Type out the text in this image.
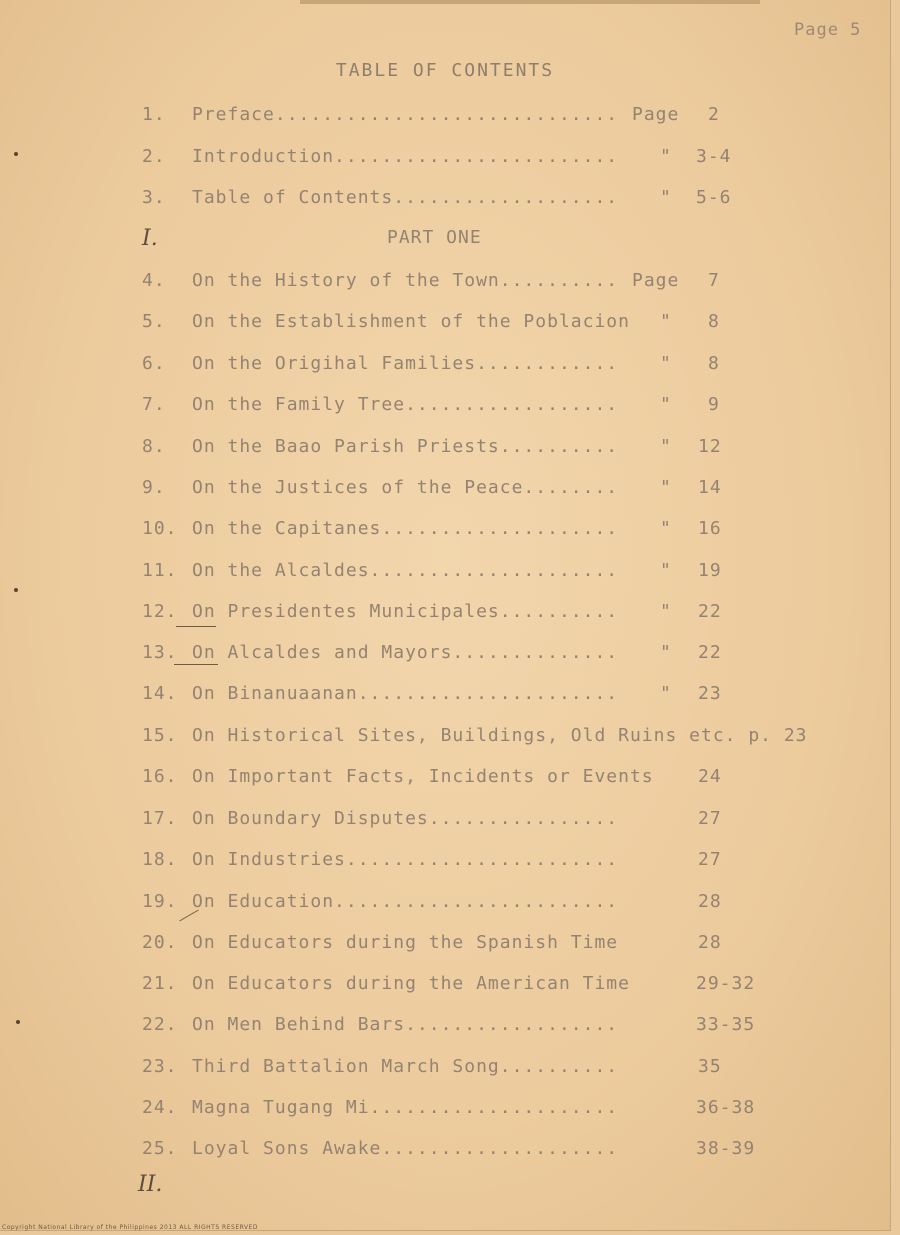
Page 5

TABLE OF CONTENTS
PART ONE
I.
II.
1. Preface............................. Page 2
2. Introduction........................ " 3-4
3. Table of Contents................... " 5-6
4. On the History of the Town.......... Page 7
5. On the Establishment of the Poblacion " 8
6. On the Origihal Families............ " 8
7. On the Family Tree.................. " 9
8. On the Baao Parish Priests.......... " 12
9. On the Justices of the Peace........ " 14
10. On the Capitanes.................... " 16
11. On the Alcaldes..................... " 19
12. On Presidentes Municipales.......... " 22
13. On Alcaldes and Mayors.............. " 22
14. On Binanuaanan...................... " 23
15. On Historical Sites, Buildings, Old Ruins etc. p. 23
16. On Important Facts, Incidents or Events 24
17. On Boundary Disputes................	27
18. On Industries.......................	27
19. On Education........................	28
20. On Educators during the Spanish Time	28
21. On Educators during the American Time	29-32
22. On Men Behind Bars..................	33-35
23. Third Battalion March Song..........	35
24. Magna Tugang Mi.....................	36-38
25. Loyal Sons Awake....................	38-39
Copyright National Library of the Philippines 2013 ALL RIGHTS RESERVED
